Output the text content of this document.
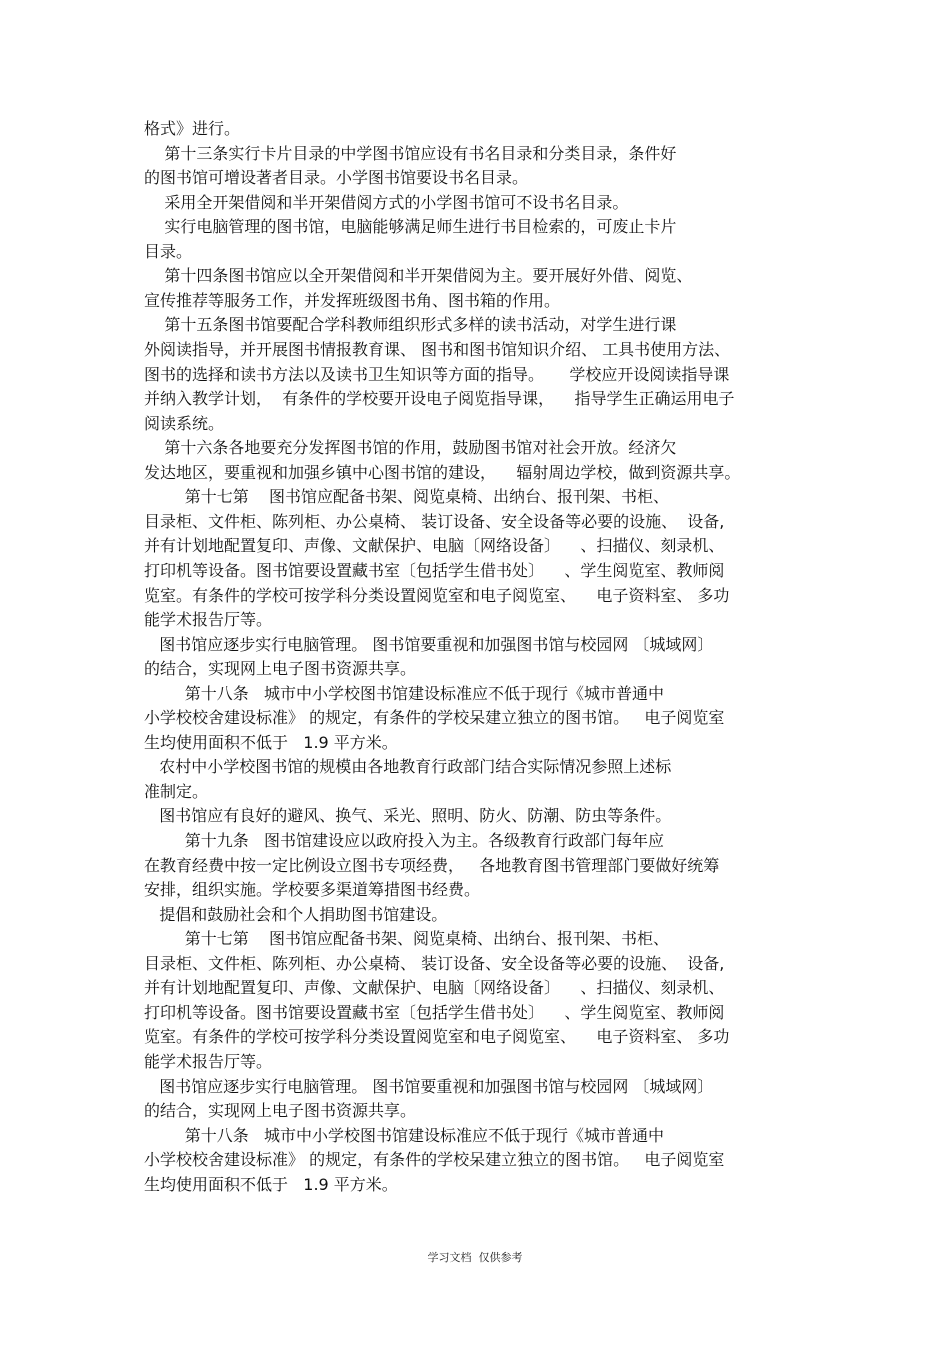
格式》进行。
第十三条实行卡片目录的中学图书馆应设有书名目录和分类目录，条件好
的图书馆可增设著者目录。小学图书馆要设书名目录。
采用全开架借阅和半开架借阅方式的小学图书馆可不设书名目录。
实行电脑管理的图书馆，电脑能够满足师生进行书目检索的，可废止卡片
目录。
第十四条图书馆应以全开架借阅和半开架借阅为主。要开展好外借、阅览、
宣传推荐等服务工作，并发挥班级图书角、图书箱的作用。
第十五条图书馆要配合学科教师组织形式多样的读书活动，对学生进行课
外阅读指导，并开展图书情报教育课、 图书和图书馆知识介绍、 工具书使用方法、
图书的选择和读书方法以及读书卫生知识等方面的指导。     学校应开设阅读指导课
并纳入教学计划，  有条件的学校要开设电子阅览指导课，    指导学生正确运用电子
阅读系统。
第十六条各地要充分发挥图书馆的作用，鼓励图书馆对社会开放。经济欠
发达地区，要重视和加强乡镇中心图书馆的建设，    辐射周边学校，做到资源共享。
第十七第    图书馆应配备书架、阅览桌椅、出纳台、报刊架、书柜、
目录柜、文件柜、陈列柜、办公桌椅、 装订设备、安全设备等必要的设施、  设备,
并有计划地配置复印、声像、文献保护、电脑〔网络设备〕    、扫描仪、刻录机、
打印机等设备。图书馆要设置藏书室〔包括学生借书处〕    、学生阅览室、教师阅
览室。有条件的学校可按学科分类设置阅览室和电子阅览室、    电子资料室、 多功
能学术报告厅等。
图书馆应逐步实行电脑管理。 图书馆要重视和加强图书馆与校园网 〔城域网〕
的结合，实现网上电子图书资源共享。
第十八条   城市中小学校图书馆建设标准应不低于现行《城市普通中
小学校校舍建设标准》 的规定，有条件的学校呆建立独立的图书馆。   电子阅览室
生均使用面积不低于   1.9 平方米。
农村中小学校图书馆的规模由各地教育行政部门结合实际情况参照上述标
准制定。
图书馆应有良好的避风、换气、采光、照明、防火、防潮、防虫等条件。
第十九条   图书馆建设应以政府投入为主。各级教育行政部门每年应
在教育经费中按一定比例设立图书专项经费，   各地教育图书管理部门要做好统筹
安排，组织实施。学校要多渠道筹措图书经费。
提倡和鼓励社会和个人捐助图书馆建设。
第十七第    图书馆应配备书架、阅览桌椅、出纳台、报刊架、书柜、
目录柜、文件柜、陈列柜、办公桌椅、 装订设备、安全设备等必要的设施、  设备,
并有计划地配置复印、声像、文献保护、电脑〔网络设备〕    、扫描仪、刻录机、
打印机等设备。图书馆要设置藏书室〔包括学生借书处〕    、学生阅览室、教师阅
览室。有条件的学校可按学科分类设置阅览室和电子阅览室、    电子资料室、 多功
能学术报告厅等。
图书馆应逐步实行电脑管理。 图书馆要重视和加强图书馆与校园网 〔城域网〕
的结合，实现网上电子图书资源共享。
第十八条   城市中小学校图书馆建设标准应不低于现行《城市普通中
小学校校舍建设标准》 的规定，有条件的学校呆建立独立的图书馆。   电子阅览室
生均使用面积不低于   1.9 平方米。
学习文档  仅供参考
